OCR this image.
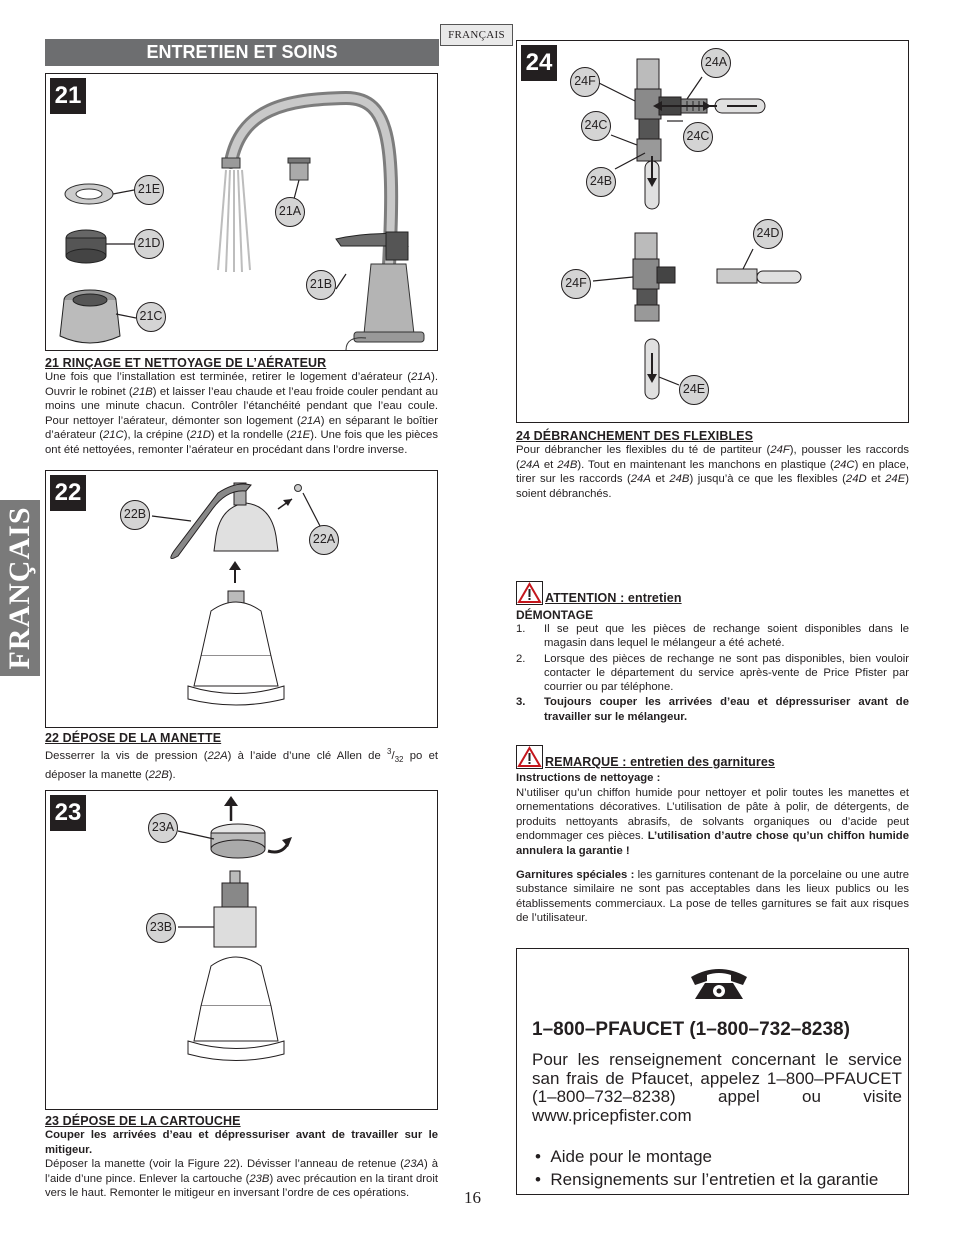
FRANÇAIS
ENTRETIEN ET SOINS
FRANÇAIS
21
21E
21D
21A
21B
21C
21 RINÇAGE ET NETTOYAGE DE L’AÉRATEUR
Une fois que l’installation est terminée, retirer le logement d’aérateur (21A). Ouvrir le robinet (21B) et laisser l’eau chaude et l’eau froide couler pendant au moins une minute chacun. Contrôler l’étanchéité pendant que l’eau coule. Pour nettoyer l’aérateur, démonter son logement (21A) en séparant le boîtier d’aérateur (21C), la crépine (21D) et la rondelle (21E). Une fois que les pièces ont été nettoyées, remonter l’aérateur en procédant dans l’ordre inverse.
22
22B
22A
22 DÉPOSE DE LA MANETTE
Desserrer la vis de pression (22A) à l’aide d’une clé Allen de $^3/_{32}$ po et déposer la manette (22B).
23
23A
23B
23 DÉPOSE DE LA CARTOUCHE
Couper les arrivées d’eau et dépressuriser avant de travailler sur le mitigeur.
Déposer la manette (voir la Figure 22). Dévisser l’anneau de retenue (23A) à l’aide d’une pince. Enlever la cartouche (23B) avec précaution en la tirant droit vers le haut. Remonter le mitigeur en inversant l’ordre de ces opérations.
24
24F
24A
24C
24C
24B
24D
24F
24E
24 DÉBRANCHEMENT DES FLEXIBLES
Pour débrancher les flexibles du té de partiteur (24F), pousser les raccords (24A et 24B). Tout en maintenant les manchons en plastique (24C) en place, tirer sur les raccords (24A et 24B) jusqu’à ce que les flexibles (24D et 24E) soient débranchés.
ATTENTION : entretien
DÉMONTAGE
1. Il se peut que les pièces de rechange soient disponibles dans le magasin dans lequel le mélangeur a été acheté.
2. Lorsque des pièces de rechange ne sont pas disponibles, bien vouloir contacter le département du service après-vente de Price Pfister par courrier ou par téléphone.
3. Toujours couper les arrivées d’eau et dépressuriser avant de travailler sur le mélangeur.
REMARQUE : entretien des garnitures
Instructions de nettoyage :
N’utiliser qu’un chiffon humide pour nettoyer et polir toutes les manettes et ornementations décoratives. L’utilisation de pâte à polir, de détergents, de produits nettoyants abrasifs, de solvants organiques ou d’acide peut endommager ces pièces. L’utilisation d’autre chose qu’un chiffon humide annulera la garantie !
Garnitures spéciales : les garnitures contenant de la porcelaine ou une autre substance similaire ne sont pas acceptables dans les lieux publics ou les établissements commerciaux. La pose de telles garnitures se fait aux risques de l’utilisateur.
1–800–PFAUCET (1–800–732–8238)
Pour les renseignement concernant le service san frais de Pfaucet, appelez 1–800–PFAUCET (1–800–732–8238) appel ou visite www.pricepfister.com
•  Aide pour le montage
•  Rensignements sur l’entretien et la garantie
16
